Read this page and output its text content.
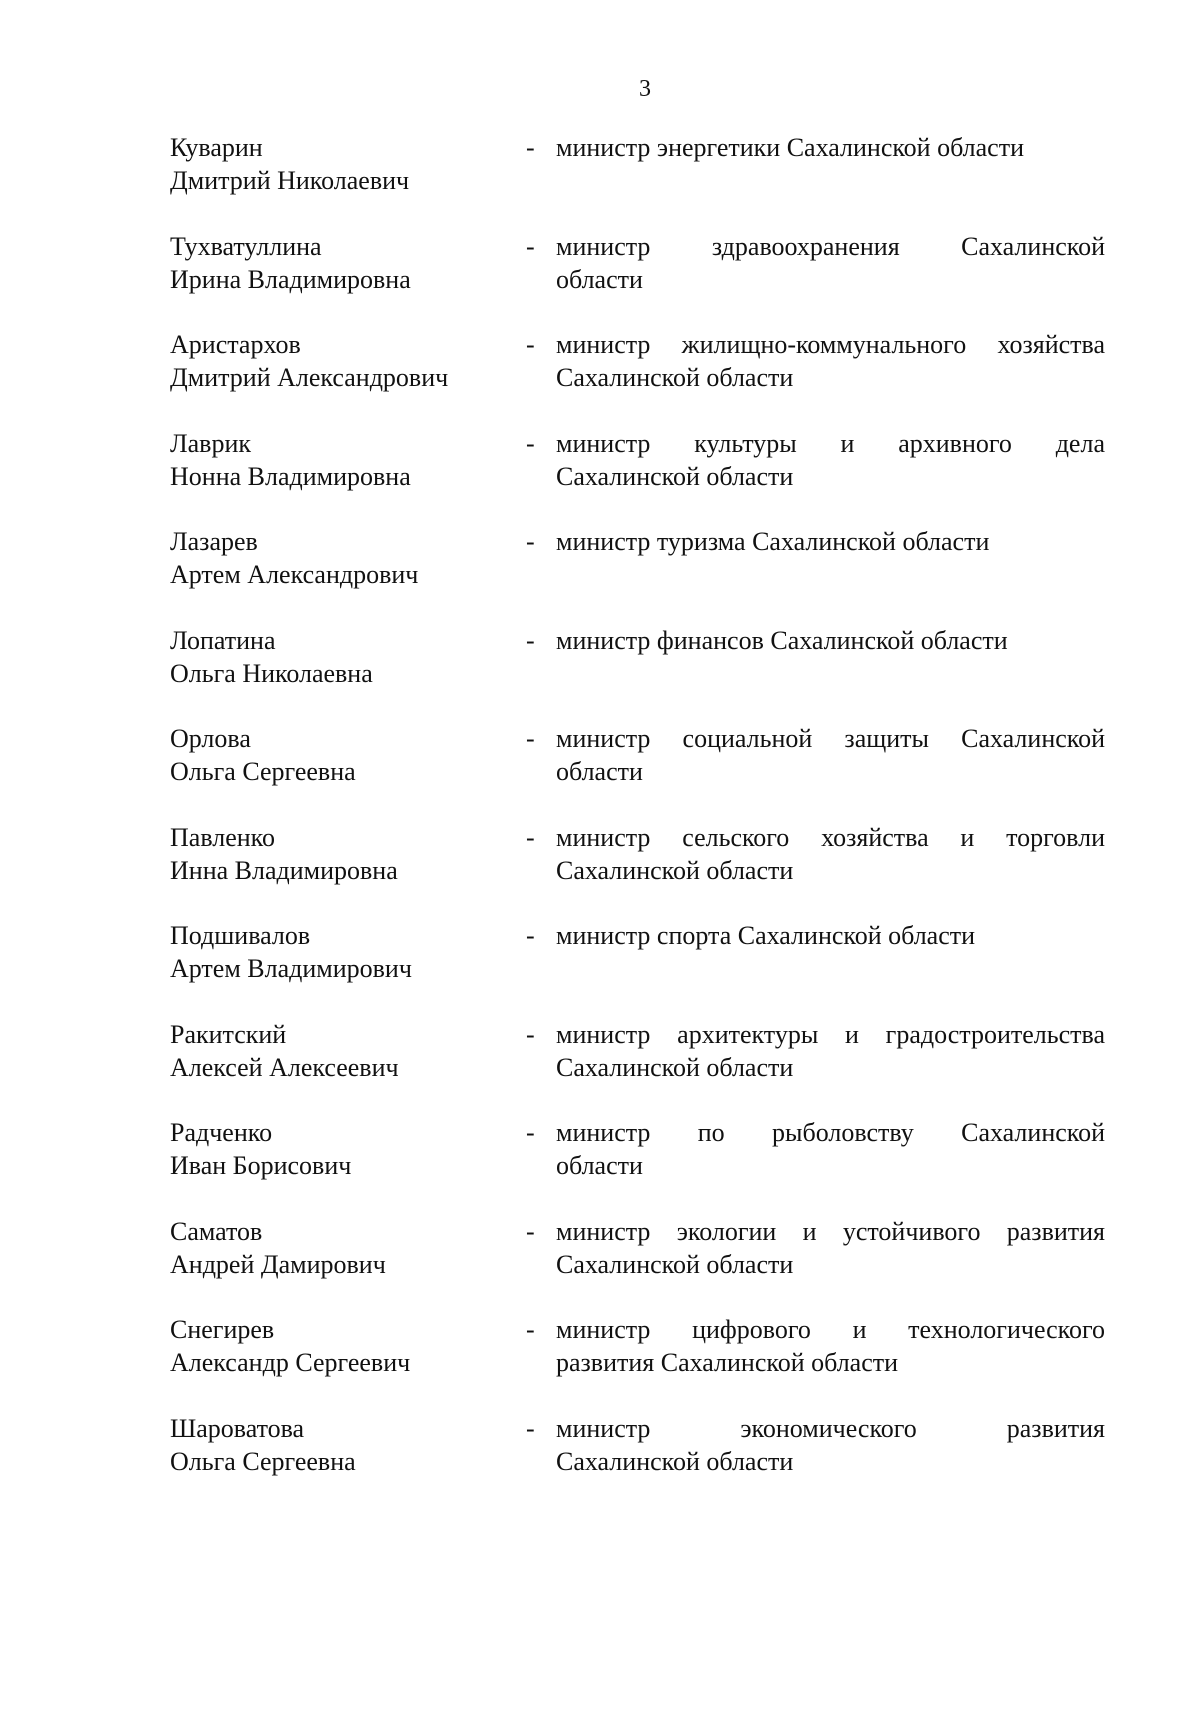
3
Куварин
Дмитрий Николаевич
- министр энергетики Сахалинской области
Тухватуллина
Ирина Владимировна
- министр здравоохранения Сахалинской
области
Аристархов
Дмитрий Александрович
- министр жилищно-коммунального хозяйства
Сахалинской области
Лаврик
Нонна Владимировна
- министр культуры и архивного дела
Сахалинской области
Лазарев
Артем Александрович
- министр туризма Сахалинской области
Лопатина
Ольга Николаевна
- министр финансов Сахалинской области
Орлова
Ольга Сергеевна
- министр социальной защиты Сахалинской
области
Павленко
Инна Владимировна
- министр сельского хозяйства и торговли
Сахалинской области
Подшивалов
Артем Владимирович
- министр спорта Сахалинской области
Ракитский
Алексей Алексеевич
- министр архитектуры и градостроительства
Сахалинской области
Радченко
Иван Борисович
- министр по рыболовству Сахалинской
области
Саматов
Андрей Дамирович
- министр экологии и устойчивого развития
Сахалинской области
Снегирев
Александр Сергеевич
- министр цифрового и технологического
развития Сахалинской области
Шароватова
Ольга Сергеевна
- министр экономического развития
Сахалинской области
